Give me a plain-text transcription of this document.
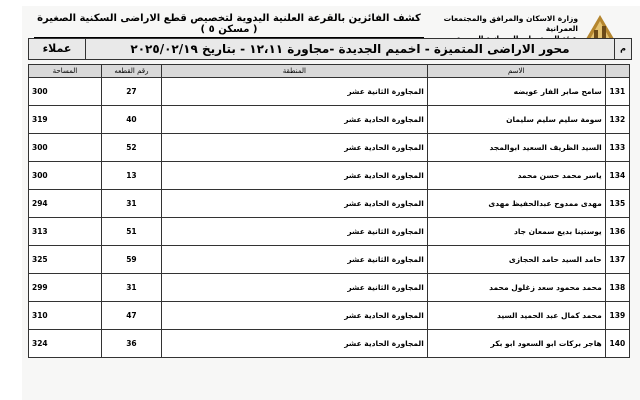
وزارة الاسكان والمرافق والمجتمعات العمرانية
كشف الفائزين بالقرعة العلنية اليدوية لتخصيص قطع الاراضى السكنية الصغيرة ( مسكن ٥ )
م
محور الاراضى المتميزة - اخميم الجديدة -مجاورة ١٢،١١ - بتاريخ ٢٠٢٥/٠٢/١٩
عملاء
	الاسم	المنطقة	رقم القطعه	المساحة
131	سامح صابر الفار عويضه	المجاورة الثانية عشر	27	300
132	سومة سليم سليم سليمان	المجاورة الحادية عشر	40	319
133	السيد الظريف السعيد ابوالمجد	المجاورة الحادية عشر	52	300
134	ياسر محمد حسن محمد	المجاورة الحادية عشر	13	300
135	مهدى ممدوح عبدالحفيظ مهدى	المجاورة الحادية عشر	31	294
136	يوستينا بديع سمعان جاد	المجاورة الثانية عشر	51	313
137	حامد السيد حامد الحجازى	المجاورة الثانية عشر	59	325
138	محمد محمود سعد زغلول محمد	المجاورة الثانية عشر	31	299
139	محمد كمال عبد الحميد السيد	المجاورة الحادية عشر	47	310
140	هاجر بركات ابو السعود ابو بكر	المجاورة الحادية عشر	36	324
